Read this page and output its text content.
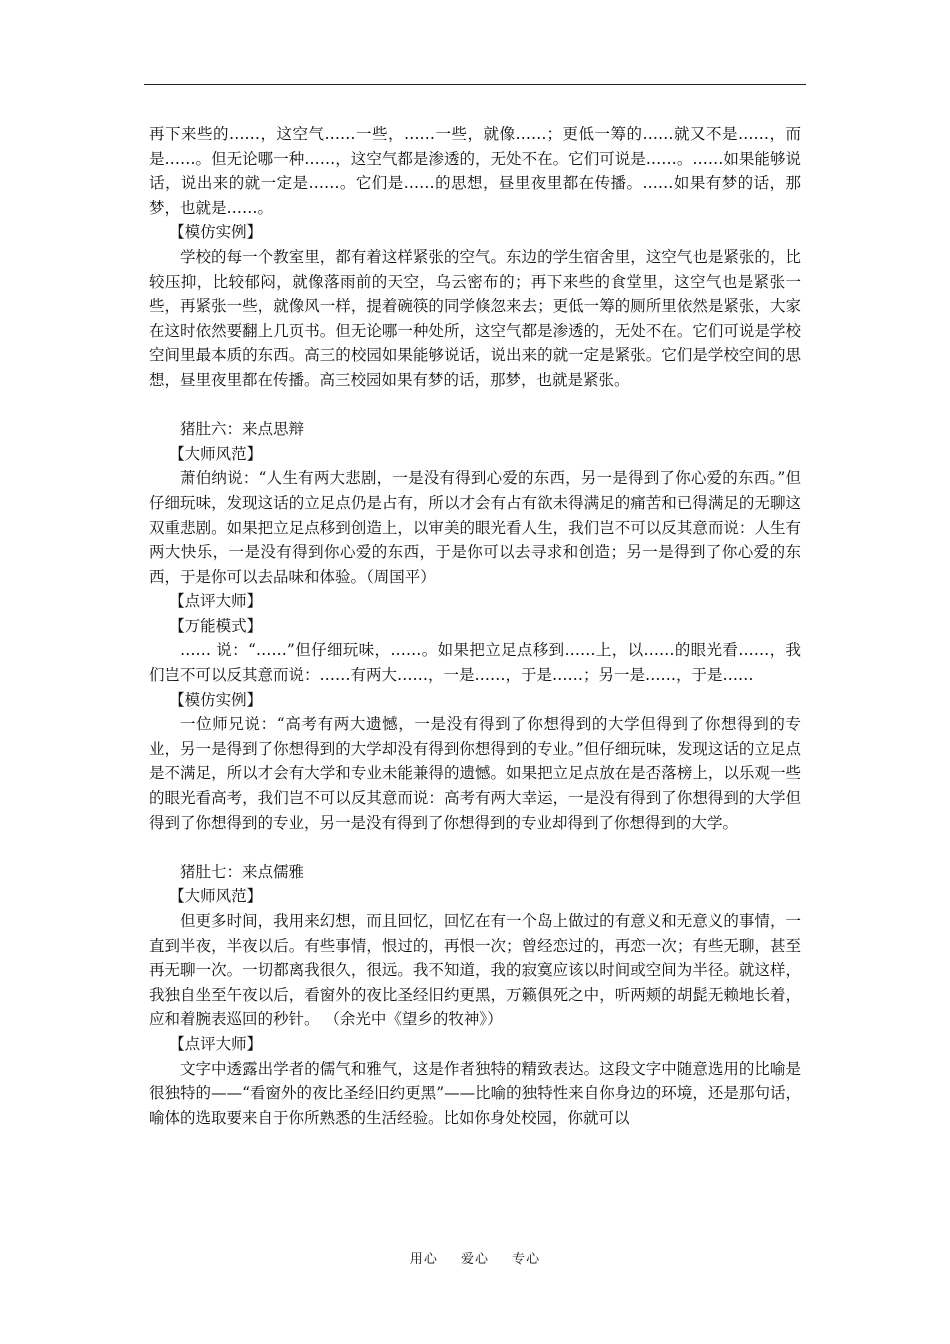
再下来些的……，这空气……一些，……一些，就像……；更低一筹的……就又不是……，而是……。但无论哪一种……，这空气都是渗透的，无处不在。它们可说是……。……如果能够说话，说出来的就一定是……。它们是……的思想，昼里夜里都在传播。……如果有梦的话，那梦，也就是……。

【模仿实例】

学校的每一个教室里，都有着这样紧张的空气。东边的学生宿舍里，这空气也是紧张的，比较压抑，比较郁闷，就像落雨前的天空，乌云密布的；再下来些的食堂里，这空气也是紧张一些，再紧张一些，就像风一样，提着碗筷的同学倏忽来去；更低一筹的厕所里依然是紧张，大家在这时依然要翻上几页书。但无论哪一种处所，这空气都是渗透的，无处不在。它们可说是学校空间里最本质的东西。高三的校园如果能够说话，说出来的就一定是紧张。它们是学校空间的思想，昼里夜里都在传播。高三校园如果有梦的话，那梦，也就是紧张。

猪肚六：来点思辩

【大师风范】

萧伯纳说：“人生有两大悲剧，一是没有得到心爱的东西，另一是得到了你心爱的东西。”但仔细玩味，发现这话的立足点仍是占有，所以才会有占有欲未得满足的痛苦和已得满足的无聊这双重悲剧。如果把立足点移到创造上，以审美的眼光看人生，我们岂不可以反其意而说：人生有两大快乐，一是没有得到你心爱的东西，于是你可以去寻求和创造；另一是得到了你心爱的东西，于是你可以去品味和体验。（周国平）

【点评大师】

【万能模式】

…… 说：“……”但仔细玩味，……。如果把立足点移到……上，以……的眼光看……，我们岂不可以反其意而说：……有两大……，一是……，于是……；另一是……，于是……

【模仿实例】

一位师兄说：“高考有两大遗憾，一是没有得到了你想得到的大学但得到了你想得到的专业，另一是得到了你想得到的大学却没有得到你想得到的专业。”但仔细玩味，发现这话的立足点是不满足，所以才会有大学和专业未能兼得的遗憾。如果把立足点放在是否落榜上，以乐观一些的眼光看高考，我们岂不可以反其意而说：高考有两大幸运，一是没有得到了你想得到的大学但得到了你想得到的专业，另一是没有得到了你想得到的专业却得到了你想得到的大学。

猪肚七：来点儒雅

【大师风范】

但更多时间，我用来幻想，而且回忆，回忆在有一个岛上做过的有意义和无意义的事情，一直到半夜，半夜以后。有些事情，恨过的，再恨一次；曾经恋过的，再恋一次；有些无聊，甚至再无聊一次。一切都离我很久，很远。我不知道，我的寂寞应该以时间或空间为半径。就这样，我独自坐至午夜以后，看窗外的夜比圣经旧约更黑，万籁俱死之中，听两颊的胡髭无赖地长着，应和着腕表巡回的秒针。 （余光中《望乡的牧神》）

【点评大师】

文字中透露出学者的儒气和雅气，这是作者独特的精致表达。这段文字中随意选用的比喻是很独特的——“看窗外的夜比圣经旧约更黑”——比喻的独特性来自你身边的环境，还是那句话，喻体的选取要来自于你所熟悉的生活经验。比如你身处校园，你就可以

用心 爱心 专心
